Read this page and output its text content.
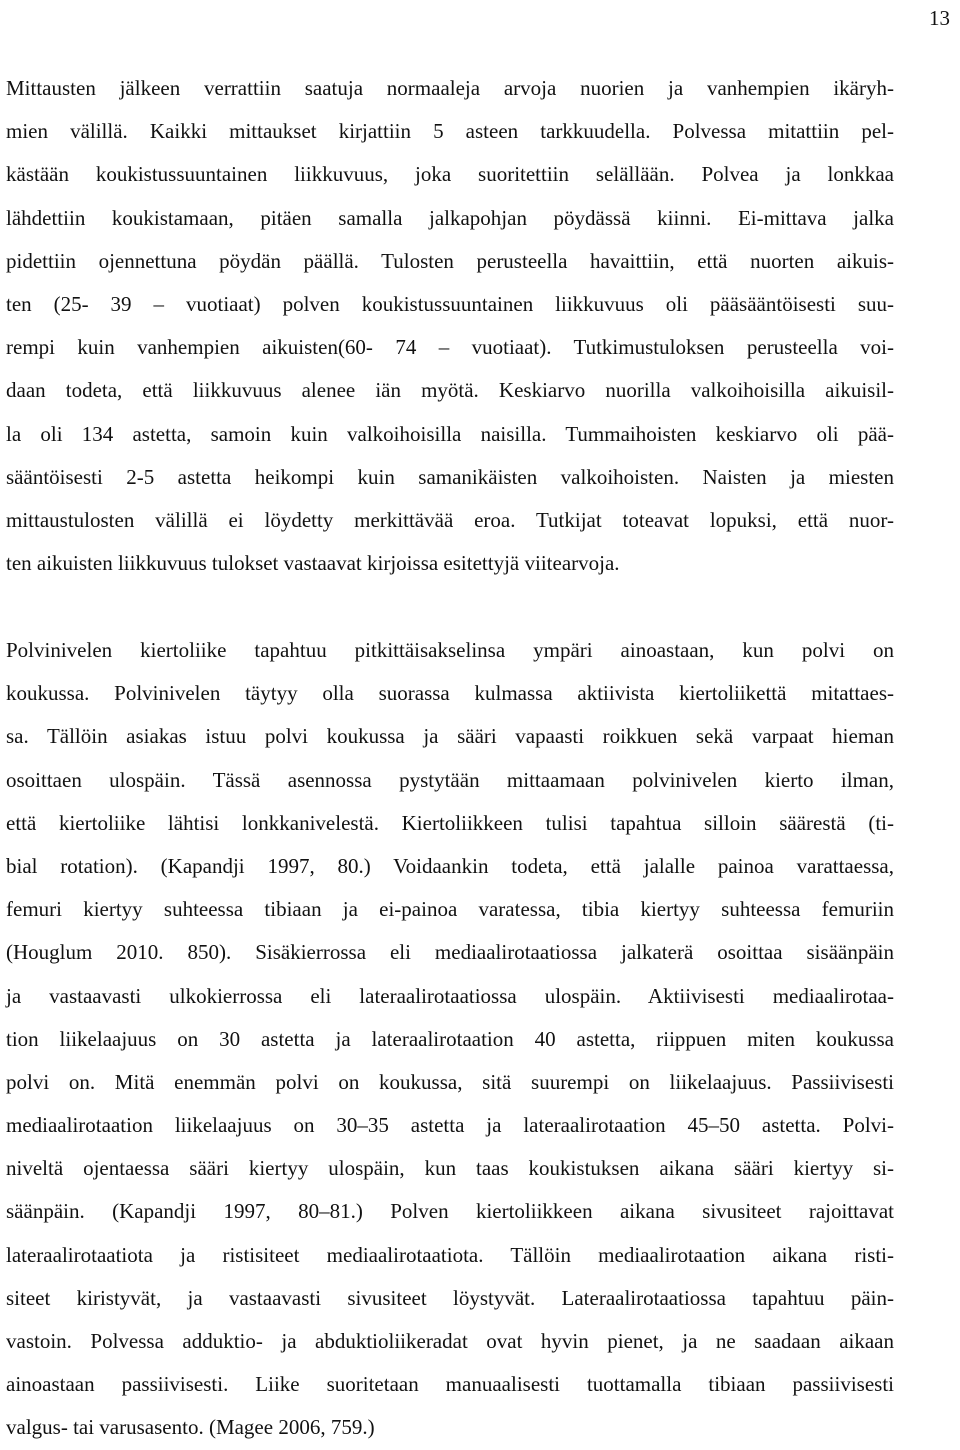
13

Mittausten jälkeen verrattiin saatuja normaaleja arvoja nuorien ja vanhempien ikäryh-
mien välillä. Kaikki mittaukset kirjattiin 5 asteen tarkkuudella. Polvessa mitattiin pel-
kästään koukistussuuntainen liikkuvuus, joka suoritettiin selällään. Polvea ja lonkkaa
lähdettiin koukistamaan, pitäen samalla jalkapohjan pöydässä kiinni. Ei-mittava jalka
pidettiin ojennettuna pöydän päällä. Tulosten perusteella havaittiin, että nuorten aikuis-
ten (25- 39 – vuotiaat) polven koukistussuuntainen liikkuvuus oli pääsääntöisesti suu-
rempi kuin vanhempien aikuisten(60- 74 – vuotiaat). Tutkimustuloksen perusteella voi-
daan todeta, että liikkuvuus alenee iän myötä. Keskiarvo nuorilla valkoihoisilla aikuisil-
la oli 134 astetta, samoin kuin valkoihoisilla naisilla. Tummaihoisten keskiarvo oli pää-
sääntöisesti 2-5 astetta heikompi kuin samanikäisten valkoihoisten. Naisten ja miesten
mittaustulosten välillä ei löydetty merkittävää eroa. Tutkijat toteavat lopuksi, että nuor-
ten aikuisten liikkuvuus tulokset vastaavat kirjoissa esitettyjä viitearvoja.
Polvinivelen kiertoliike tapahtuu pitkittäisakselinsa ympäri ainoastaan, kun polvi on
koukussa. Polvinivelen täytyy olla suorassa kulmassa aktiivista kiertoliikettä mitattaes-
sa. Tällöin asiakas istuu polvi koukussa ja sääri vapaasti roikkuen sekä varpaat hieman
osoittaen ulospäin. Tässä asennossa pystytään mittaamaan polvinivelen kierto ilman,
että kiertoliike lähtisi lonkkanivelestä. Kiertoliikkeen tulisi tapahtua silloin säärestä (ti-
bial rotation). (Kapandji 1997, 80.) Voidaankin todeta, että jalalle painoa varattaessa,
femuri kiertyy suhteessa tibiaan ja ei-painoa varatessa, tibia kiertyy suhteessa femuriin
(Houglum 2010. 850). Sisäkierrossa eli mediaalirotaatiossa jalkaterä osoittaa sisäänpäin
ja vastaavasti ulkokierrossa eli lateraalirotaatiossa ulospäin. Aktiivisesti mediaalirotaa-
tion liikelaajuus on 30 astetta ja lateraalirotaation 40 astetta, riippuen miten koukussa
polvi on. Mitä enemmän polvi on koukussa, sitä suurempi on liikelaajuus. Passiivisesti
mediaalirotaation liikelaajuus on 30–35 astetta ja lateraalirotaation 45–50 astetta. Polvi-
niveltä ojentaessa sääri kiertyy ulospäin, kun taas koukistuksen aikana sääri kiertyy si-
säänpäin. (Kapandji 1997, 80–81.) Polven kiertoliikkeen aikana sivusiteet rajoittavat
lateraalirotaatiota ja ristisiteet mediaalirotaatiota. Tällöin mediaalirotaation aikana risti-
siteet kiristyvät, ja vastaavasti sivusiteet löystyvät. Lateraalirotaatiossa tapahtuu päin-
vastoin. Polvessa adduktio- ja abduktioliikeradat ovat hyvin pienet, ja ne saadaan aikaan
ainoastaan passiivisesti. Liike suoritetaan manuaalisesti tuottamalla tibiaan passiivisesti
valgus- tai varusasento. (Magee 2006, 759.)
